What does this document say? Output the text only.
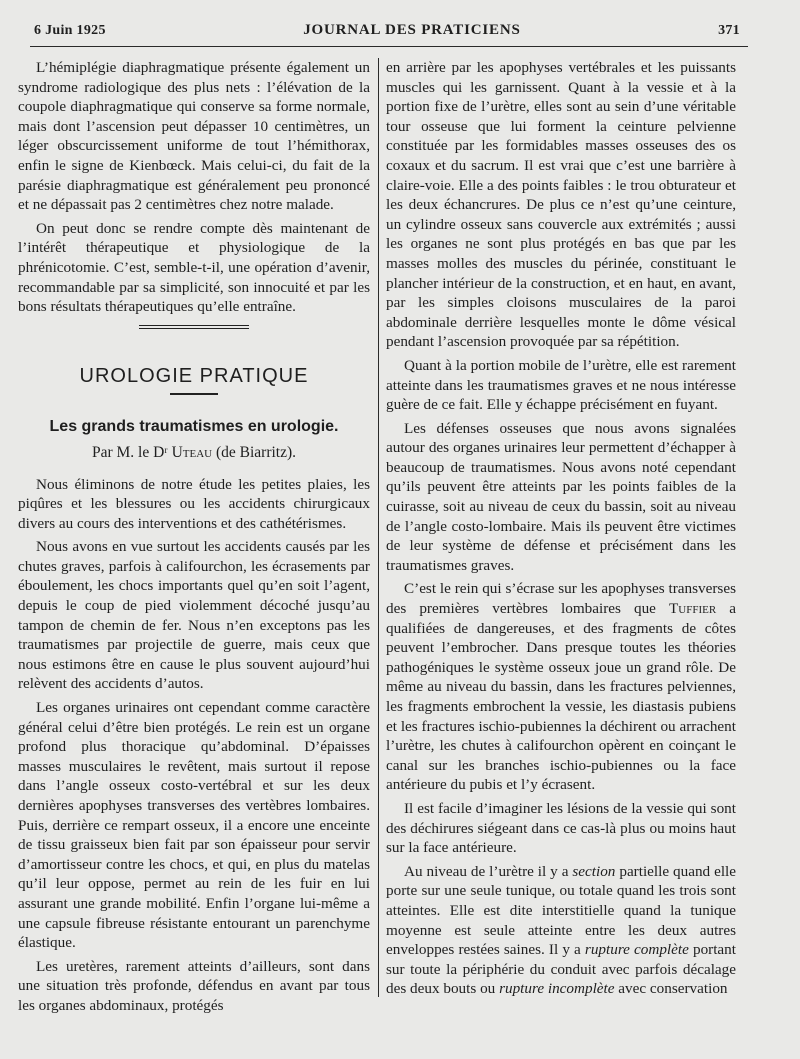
6 Juin 1925	JOURNAL DES PRATICIENS	371

L’hémiplégie diaphragmatique présente également un syndrome radiologique des plus nets : l’élévation de la coupole diaphragmatique qui conserve sa forme normale, mais dont l’ascension peut dépasser 10 centimètres, un léger obscurcissement uniforme de tout l’hémithorax, enfin le signe de Kienbœck. Mais celui-ci, du fait de la parésie diaphragmatique est généralement peu prononcé et ne dépassait pas 2 centimètres chez notre malade.

On peut donc se rendre compte dès maintenant de l’intérêt thérapeutique et physiologique de la phrénicotomie. C’est, semble-t-il, une opération d’avenir, recommandable par sa simplicité, son innocuité et par les bons résultats thérapeutiques qu’elle entraîne.

UROLOGIE PRATIQUE
Les grands traumatismes en urologie.
Par M. le Dʳ Uteau (de Biarritz).

Nous éliminons de notre étude les petites plaies, les piqûres et les blessures ou les accidents chirurgicaux divers au cours des interventions et des cathétérismes.

Nous avons en vue surtout les accidents causés par les chutes graves, parfois à califourchon, les écrasements par éboulement, les chocs importants quel qu’en soit l’agent, depuis le coup de pied violemment décoché jusqu’au tampon de chemin de fer. Nous n’en exceptons pas les traumatismes par projectile de guerre, mais ceux que nous estimons être en cause le plus souvent aujourd’hui relèvent des accidents d’autos.

Les organes urinaires ont cependant comme caractère général celui d’être bien protégés. Le rein est un organe profond plus thoracique qu’abdominal. D’épaisses masses musculaires le revêtent, mais surtout il repose dans l’angle osseux costo-vertébral et sur les deux dernières apophyses transverses des vertèbres lombaires. Puis, derrière ce rempart osseux, il a encore une enceinte de tissu graisseux bien fait par son épaisseur pour servir d’amortisseur contre les chocs, et qui, en plus du matelas qu’il leur oppose, permet au rein de les fuir en lui assurant une grande mobilité. Enfin l’organe lui-même a une capsule fibreuse résistante entourant un parenchyme élastique.

Les uretères, rarement atteints d’ailleurs, sont dans une situation très profonde, défendus en avant par tous les organes abdominaux, protégés

en arrière par les apophyses vertébrales et les puissants muscles qui les garnissent. Quant à la vessie et à la portion fixe de l’urètre, elles sont au sein d’une véritable tour osseuse que lui forment la ceinture pelvienne constituée par les formidables masses osseuses des os coxaux et du sacrum. Il est vrai que c’est une barrière à claire-voie. Elle a des points faibles : le trou obturateur et les deux échancrures. De plus ce n’est qu’une ceinture, un cylindre osseux sans couvercle aux extrémités ; aussi les organes ne sont plus protégés en bas que par les masses molles des muscles du périnée, constituant le plancher intérieur de la construction, et en haut, en avant, par les simples cloisons musculaires de la paroi abdominale derrière lesquelles monte le dôme vésical pendant l’ascension provoquée par sa répétition.

Quant à la portion mobile de l’urètre, elle est rarement atteinte dans les traumatismes graves et ne nous intéresse guère de ce fait. Elle y échappe précisément en fuyant.

Les défenses osseuses que nous avons signalées autour des organes urinaires leur permettent d’échapper à beaucoup de traumatismes. Nous avons noté cependant qu’ils peuvent être atteints par les points faibles de la cuirasse, soit au niveau de ceux du bassin, soit au niveau de l’angle costo-lombaire. Mais ils peuvent être victimes de leur système de défense et précisément dans les traumatismes graves.

C’est le rein qui s’écrase sur les apophyses transverses des premières vertèbres lombaires que Tuffier a qualifiées de dangereuses, et des fragments de côtes peuvent l’embrocher. Dans presque toutes les théories pathogéniques le système osseux joue un grand rôle. De même au niveau du bassin, dans les fractures pelviennes, les fragments embrochent la vessie, les diastasis pubiens et les fractures ischio-pubiennes la déchirent ou arrachent l’urètre, les chutes à califourchon opèrent en coinçant le canal sur les branches ischio-pubiennes ou la face antérieure du pubis et l’y écrasent.

Il est facile d’imaginer les lésions de la vessie qui sont des déchirures siégeant dans ce cas-là plus ou moins haut sur la face antérieure.

Au niveau de l’urètre il y a section partielle quand elle porte sur une seule tunique, ou totale quand les trois sont atteintes. Elle est dite interstitielle quand la tunique moyenne est seule atteinte entre les deux autres enveloppes restées saines. Il y a rupture complète portant sur toute la périphérie du conduit avec parfois décalage des deux bouts ou rupture incomplète avec conservation
